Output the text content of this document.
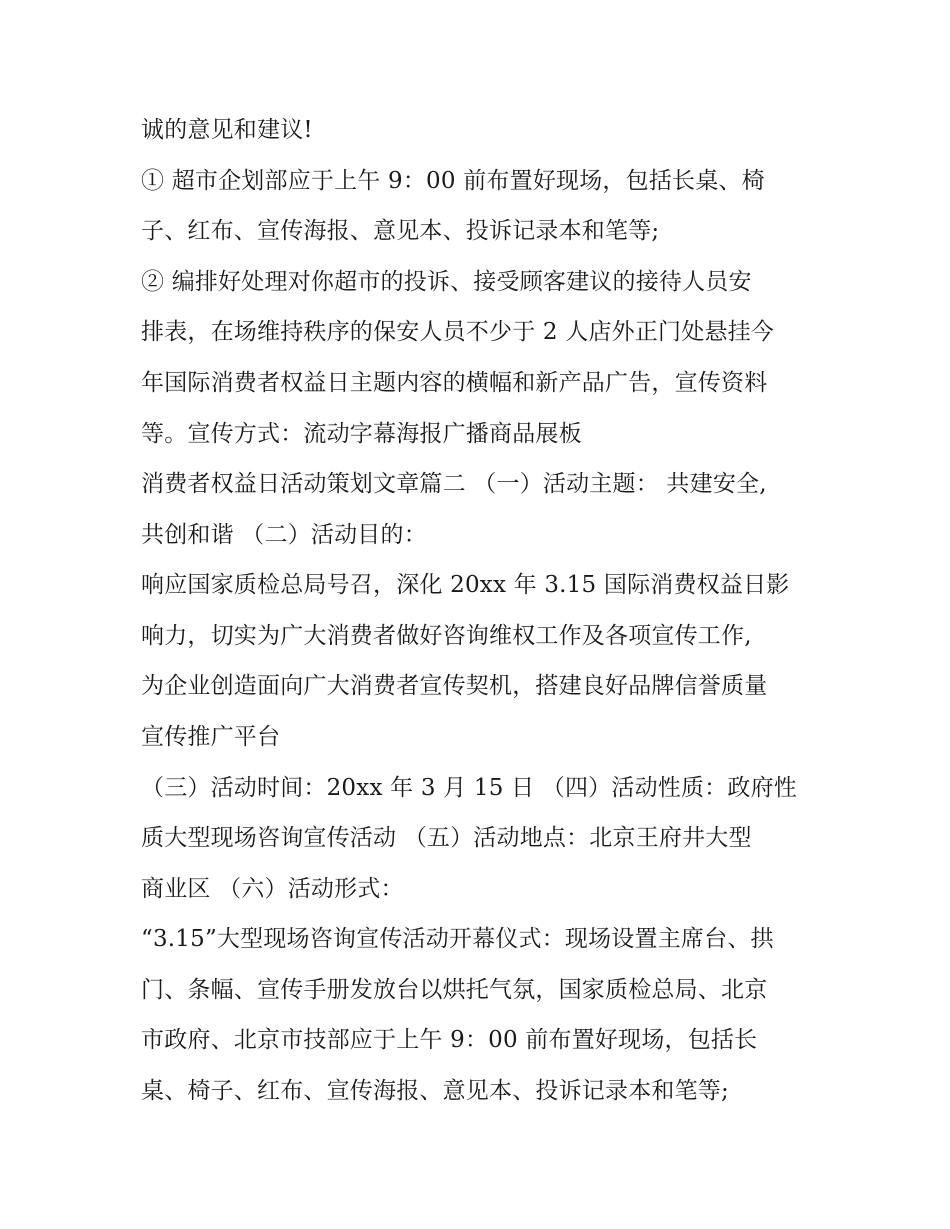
诚的意见和建议!
① 超市企划部应于上午 9：00 前布置好现场，包括长桌、椅
子、红布、宣传海报、意见本、投诉记录本和笔等;
② 编排好处理对你超市的投诉、接受顾客建议的接待人员安
排表，在场维持秩序的保安人员不少于 2 人店外正门处悬挂今
年国际消费者权益日主题内容的横幅和新产品广告，宣传资料
等。宣传方式：流动字幕海报广播商品展板
消费者权益日活动策划文章篇二 （一）活动主题： 共建安全,
共创和谐 （二）活动目的：
响应国家质检总局号召，深化 20xx 年 3.15 国际消费权益日影
响力，切实为广大消费者做好咨询维权工作及各项宣传工作,
为企业创造面向广大消费者宣传契机，搭建良好品牌信誉质量
宣传推广平台
（三）活动时间：20xx 年 3 月 15 日 （四）活动性质：政府性
质大型现场咨询宣传活动 （五）活动地点：北京王府井大型
商业区 （六）活动形式：
“3.15”大型现场咨询宣传活动开幕仪式：现场设置主席台、拱
门、条幅、宣传手册发放台以烘托气氛，国家质检总局、北京
市政府、北京市技部应于上午 9：00 前布置好现场，包括长
桌、椅子、红布、宣传海报、意见本、投诉记录本和笔等;
